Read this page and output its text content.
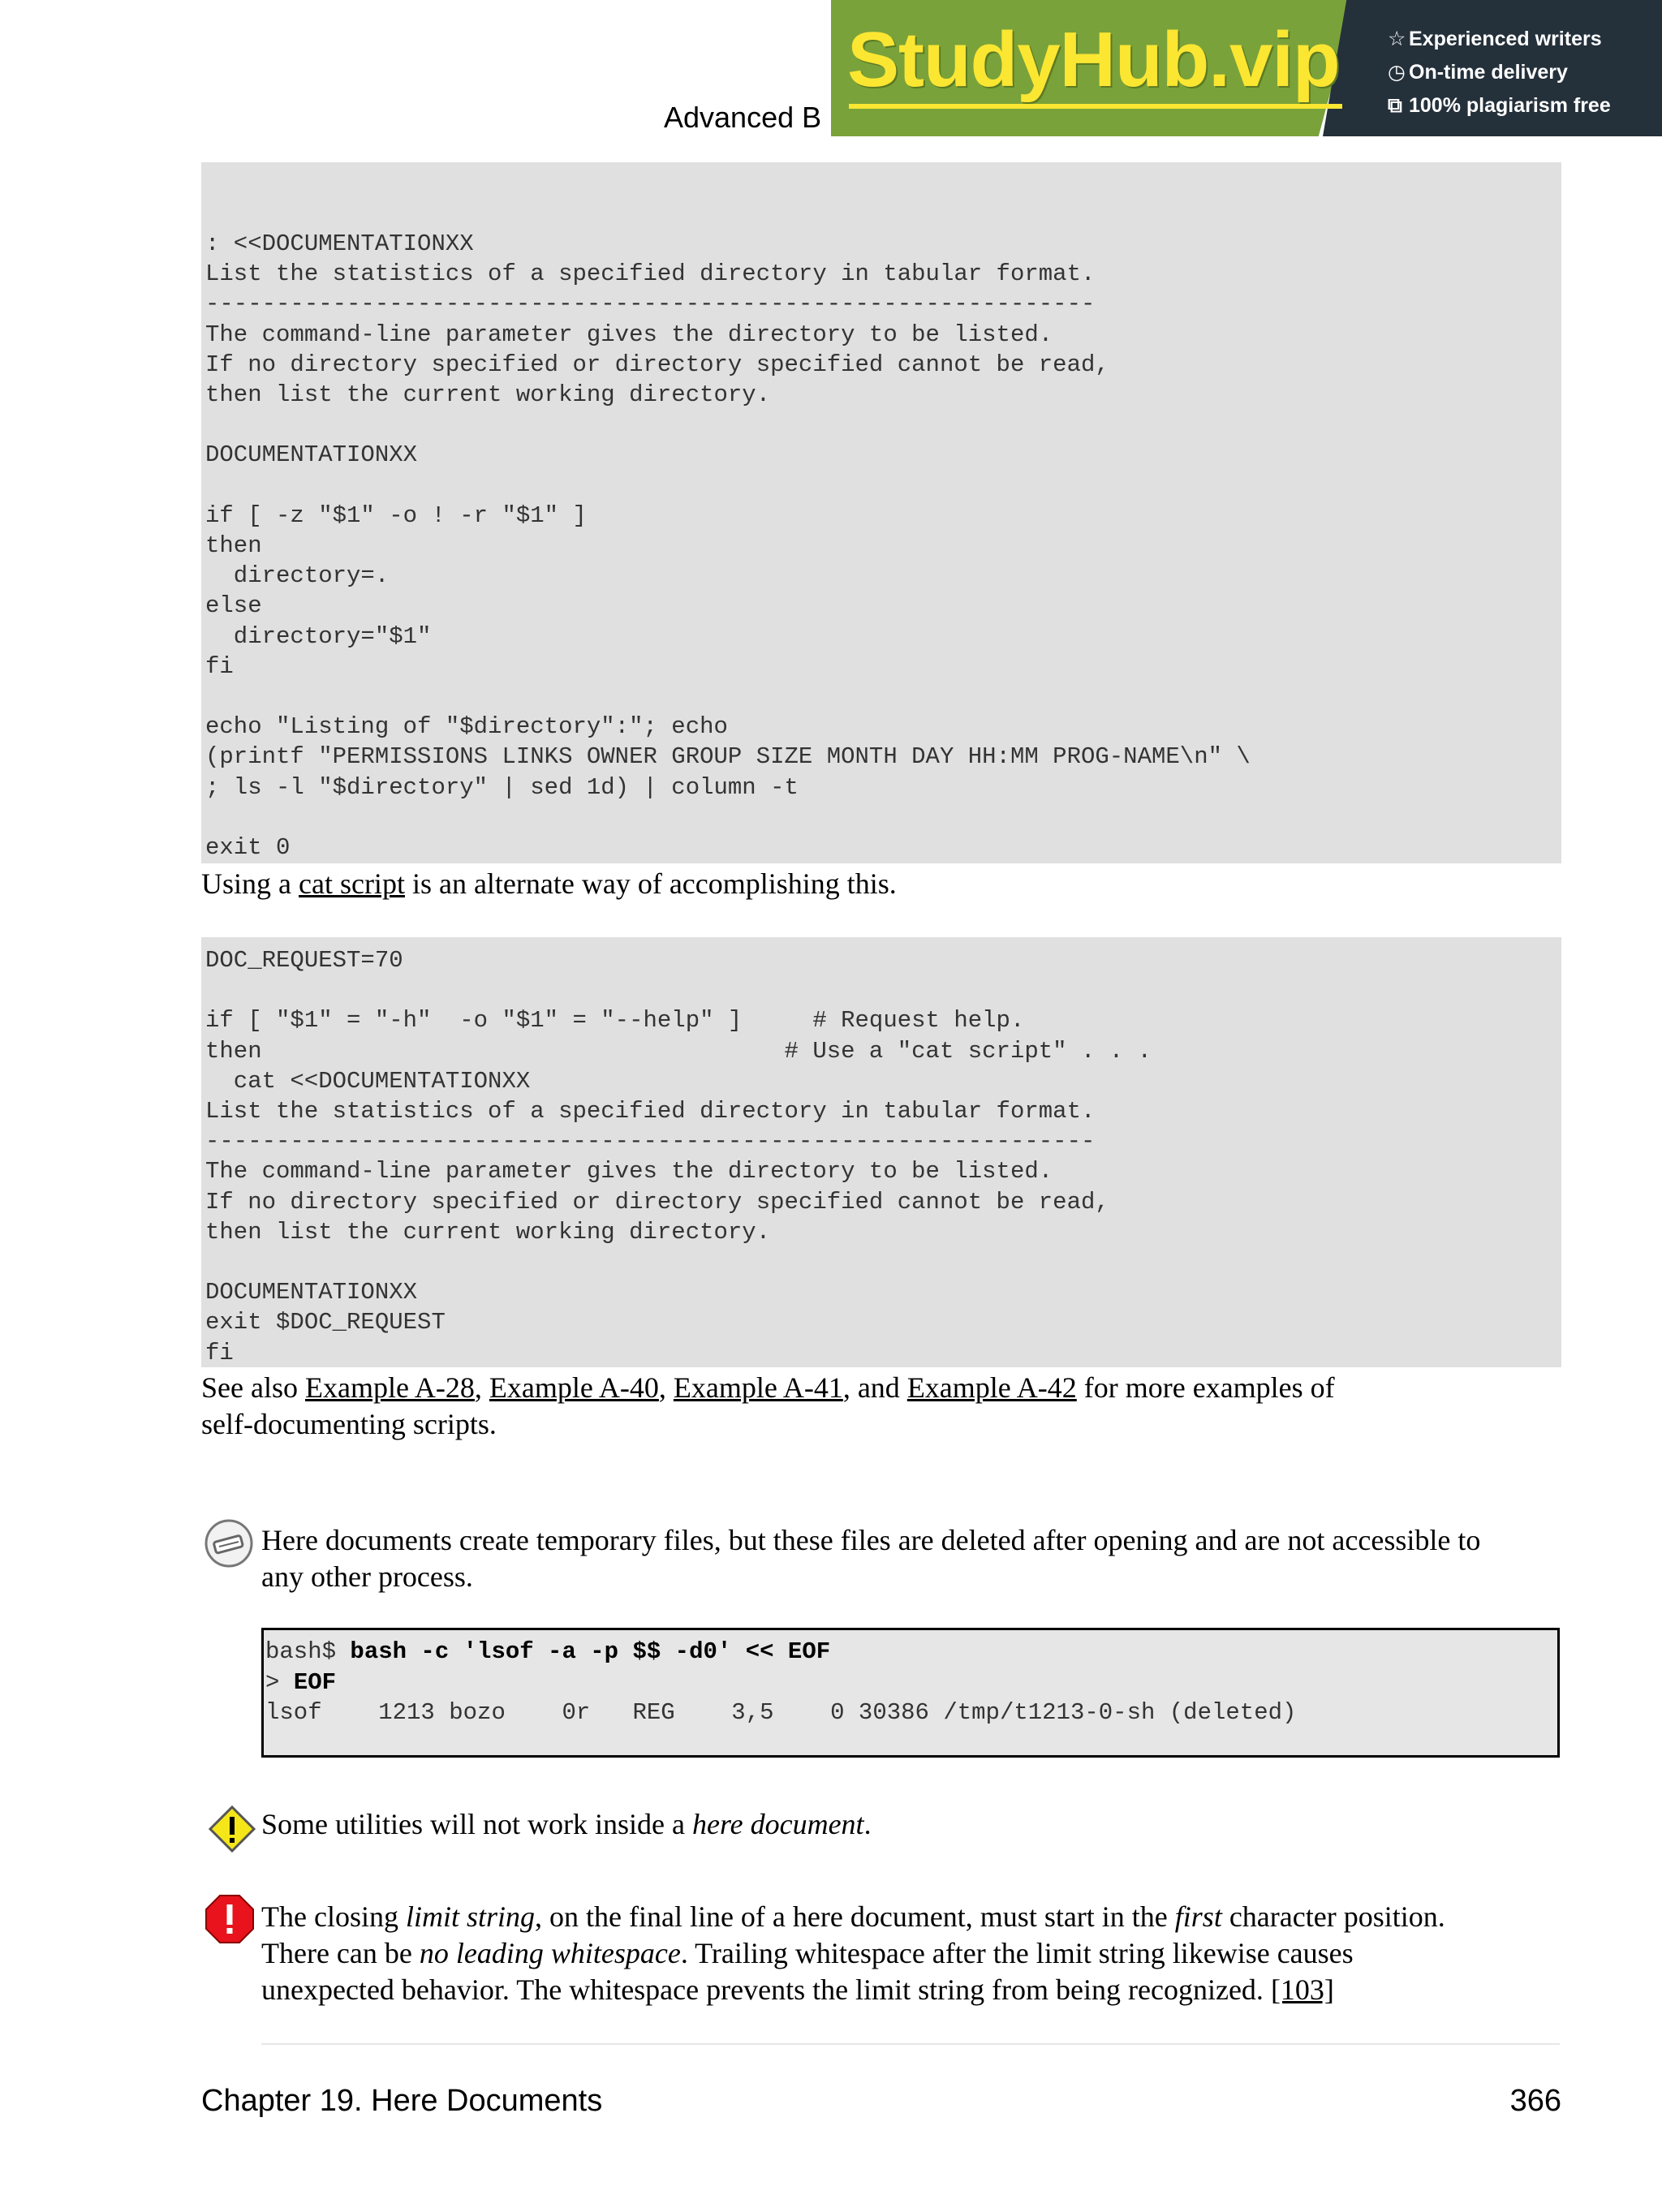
Advanced B
StudyHub.vip ☆ Experienced writers
◷ On-time delivery
⧉ 100% plagiarism free
: <<DOCUMENTATIONXX
List the statistics of a specified directory in tabular format.
---------------------------------------------------------------
The command-line parameter gives the directory to be listed.
If no directory specified or directory specified cannot be read,
then list the current working directory.

DOCUMENTATIONXX

if [ -z "$1" -o ! -r "$1" ]
then
directory=.
else
directory="$1"
fi

echo "Listing of "$directory":"; echo
(printf "PERMISSIONS LINKS OWNER GROUP SIZE MONTH DAY HH:MM PROG-NAME\n" \
; ls -l "$directory" | sed 1d) | column -t

exit 0
Using a cat script is an alternate way of accomplishing this.
DOC_REQUEST=70

if [ "$1" = "-h"  -o "$1" = "--help" ]     # Request help.
then                                     # Use a "cat script" . . .
cat <<DOCUMENTATIONXX
List the statistics of a specified directory in tabular format.
---------------------------------------------------------------
The command-line parameter gives the directory to be listed.
If no directory specified or directory specified cannot be read,
then list the current working directory.

DOCUMENTATIONXX
exit $DOC_REQUEST
fi
See also Example A-28, Example A-40, Example A-41, and Example A-42 for more examples of
self-documenting scripts.
Here documents create temporary files, but these files are deleted after opening and are not accessible to
any other process.
bash$ bash -c 'lsof -a -p $$ -d0' << EOF
> EOF
lsof    1213 bozo    0r   REG    3,5    0 30386 /tmp/t1213-0-sh (deleted)
Some utilities will not work inside a here document.
The closing limit string, on the final line of a here document, must start in the first character position.
There can be no leading whitespace. Trailing whitespace after the limit string likewise causes
unexpected behavior. The whitespace prevents the limit string from being recognized. [103]
Chapter 19. Here Documents	366
